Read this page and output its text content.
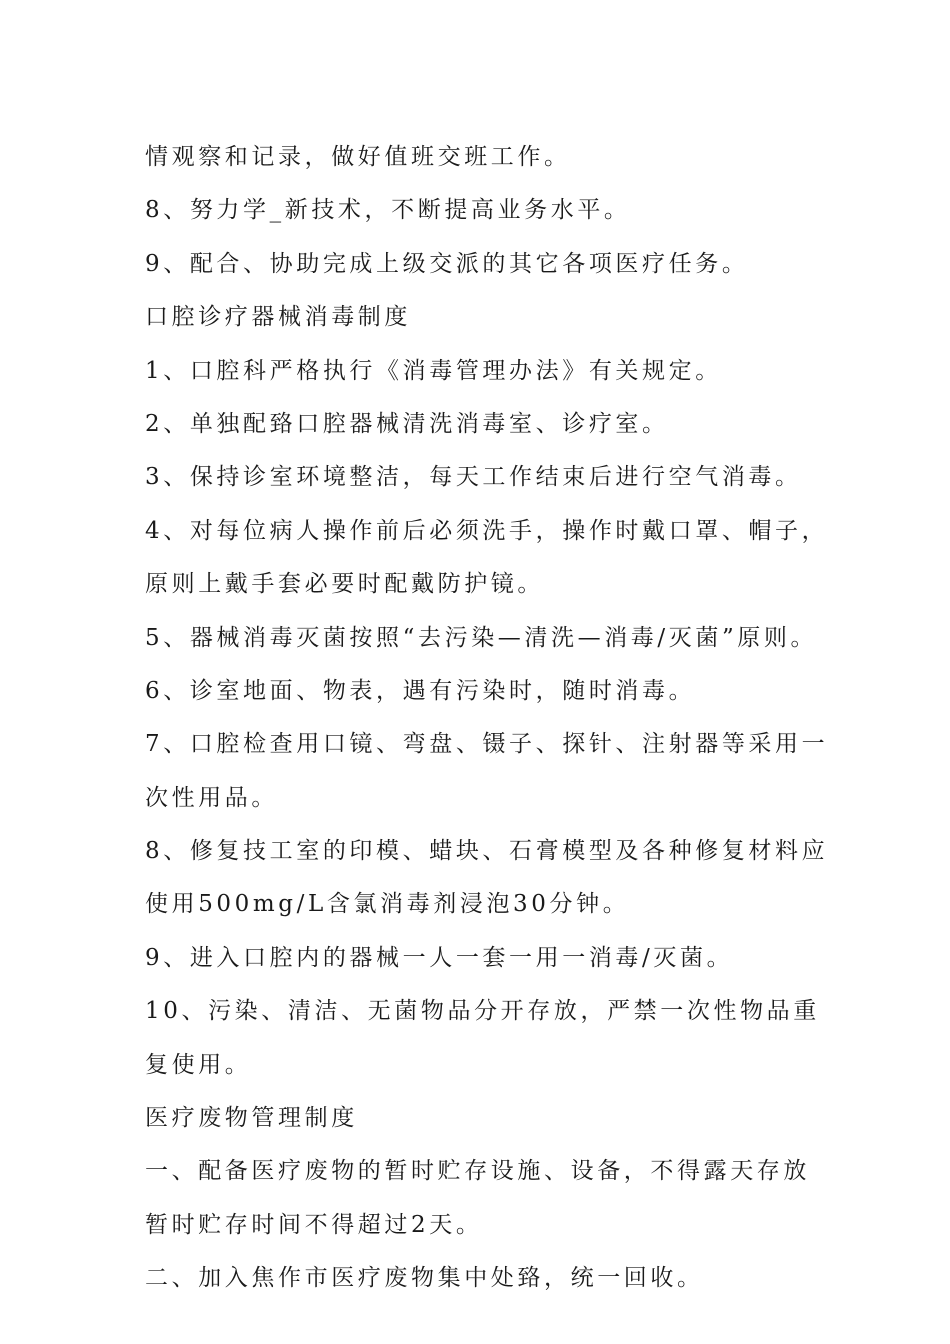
情观察和记录，做好值班交班工作。
8、努力学_新技术，不断提高业务水平。
9、配合、协助完成上级交派的其它各项医疗任务。
口腔诊疗器械消毒制度
1、口腔科严格执行《消毒管理办法》有关规定。
2、单独配臵口腔器械清洗消毒室、诊疗室。
3、保持诊室环境整洁，每天工作结束后进行空气消毒。
4、对每位病人操作前后必须洗手，操作时戴口罩、帽子，
原则上戴手套必要时配戴防护镜。
5、器械消毒灭菌按照“去污染—清洗—消毒/灭菌”原则。
6、诊室地面、物表，遇有污染时，随时消毒。
7、口腔检查用口镜、弯盘、镊子、探针、注射器等采用一
次性用品。
8、修复技工室的印模、蜡块、石膏模型及各种修复材料应
使用500mg/L含氯消毒剂浸泡30分钟。
9、进入口腔内的器械一人一套一用一消毒/灭菌。
10、污染、清洁、无菌物品分开存放，严禁一次性物品重
复使用。
医疗废物管理制度
一、配备医疗废物的暂时贮存设施、设备，不得露天存放
暂时贮存时间不得超过2天。
二、加入焦作市医疗废物集中处臵，统一回收。
